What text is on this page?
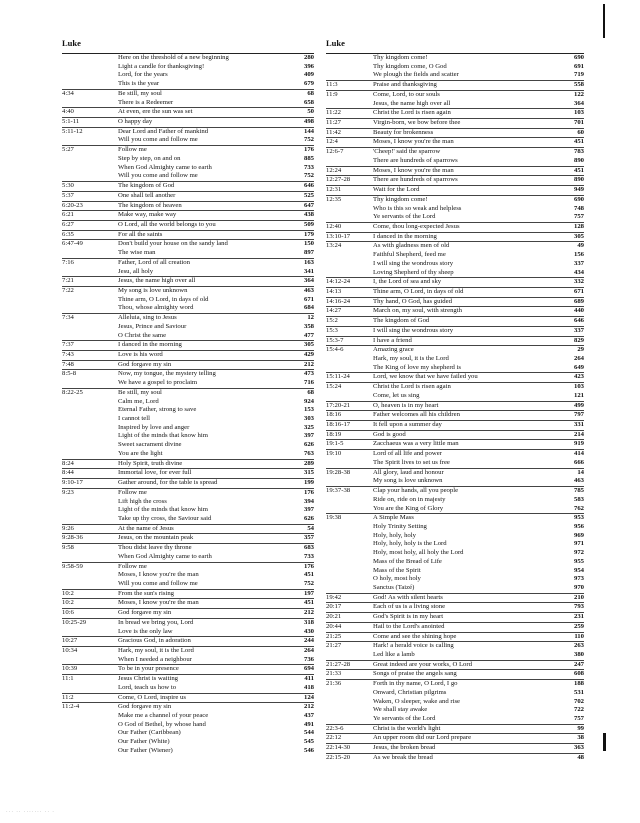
Luke
Here on the threshold of a new beginning	280
Light a candle for thanksgiving!	396
Lord, for the years	409
This is the year	679
4:34	Be still, my soul	68
There is a Redeemer	658
4:40	At even, ere the sun was set	50
5:1-11	O happy day	498
5:11-12	Dear Lord and Father of mankind	144
Will you come and follow me	752
5:27	Follow me	176
Step by step, on and on	885
When God Almighty came to earth	733
Will you come and follow me	752
5:30	The kingdom of God	646
5:37	One shall tell another	525
6:20-23	The kingdom of heaven	647
6:21	Make way, make way	438
6:27	O Lord, all the world belongs to you	509
6:35	For all the saints	179
6:47-49	Don't build your house on the sandy land	150
The wise man	897
7:16	Father, Lord of all creation	163
Jesu, all holy	341
7:21	Jesus, the name high over all	364
7:22	My song is love unknown	463
Thine arm, O Lord, in days of old	671
Thou, whose almighty word	684
7:34	Alleluia, sing to Jesus	12
Jesus, Prince and Saviour	358
O Christ the same	477
7:37	I danced in the morning	305
7:43	Love is his word	429
7:48	God forgave my sin	212
8:5-8	Now, my tongue, the mystery telling	473
We have a gospel to proclaim	716
8:22-25	Be still, my soul	68
Calm me, Lord	924
Eternal Father, strong to save	153
I cannot tell	303
Inspired by love and anger	325
Light of the minds that know him	397
Sweet sacrament divine	626
You are the light	763
8:24	Holy Spirit, truth divine	289
8:44	Immortal love, for ever full	315
9:10-17	Gather around, for the table is spread	199
9:23	Follow me	176
Lift high the cross	394
Light of the minds that know him	397
Take up thy cross, the Saviour said	626
9:26	At the name of Jesus	54
9:28-36	Jesus, on the mountain peak	357
9:58	Thou didst leave thy throne	683
When God Almighty came to earth	733
9:58-59	Follow me	176
Moses, I know you're the man	451
Will you come and follow me	752
10:2	From the sun's rising	197
10:2	Moses, I know you're the man	451
10:6	God forgave my sin	212
10:25-29	In bread we bring you, Lord	318
Love is the only law	430
10:27	Gracious God, in adoration	244
10:34	Hark, my soul, it is the Lord	264
When I needed a neighbour	736
10:39	To be in your presence	694
11:1	Jesus Christ is waiting	411
Lord, teach us how to	418
11:2	Come, O Lord, inspire us	124
11:2-4	God forgave my sin	212
Make me a channel of your peace	437
O God of Bethel, by whose hand	491
Our Father (Caribbean)	544
Our Father (White)	545
Our Father (Wiener)	546
Luke
Thy kingdom come!	690
Thy kingdom come, O God	691
We plough the fields and scatter	719
11:3	Praise and thanksgiving	558
11:9	Come, Lord, to our souls	122
Jesus, the name high over all	364
11:22	Christ the Lord is risen again	103
11:27	Virgin-born, we bow before thee	701
11:42	Beauty for brokenness	60
12:4	Moses, I know you're the man	451
12:6-7	'Cheep!' said the sparrow	783
There are hundreds of sparrows	890
12:24	Moses, I know you're the man	451
12:27-28	There are hundreds of sparrows	890
12:31	Wait for the Lord	949
12:35	Thy kingdom come!	690
Who is this so weak and helpless	748
Ye servants of the Lord	757
12:40	Come, thou long-expected Jesus	128
13:10-17	I danced in the morning	305
13:24	As with gladness men of old	49
Faithful Shepherd, feed me	156
I will sing the wondrous story	337
Loving Shepherd of thy sheep	434
14:12-24	I, the Lord of sea and sky	332
14:13	Thine arm, O Lord, in days of old	671
14:16-24	Thy hand, O God, has guided	689
14:27	March on, my soul, with strength	440
15:2	The kingdom of God	646
15:3	I will sing the wondrous story	337
15:3-7	I have a friend	829
15:4-6	Amazing grace	29
Hark, my soul, it is the Lord	264
The King of love my shepherd is	649
15:11-24	Lord, we know that we have failed you	423
15:24	Christ the Lord is risen again	103
Come, let us sing	121
17:20-21	O, heaven is in my heart	499
18:16	Father welcomes all his children	797
18:16-17	It fell upon a summer day	331
18:19	God is good	214
19:1-5	Zacchaeus was a very little man	919
19:10	Lord of all life and power	414
The Spirit lives to set us free	666
19:28-38	All glory, laud and honour	14
My song is love unknown	463
19:37-38	Clap your hands, all you people	785
Ride on, ride on in majesty	583
You are the King of Glory	762
19:38	A Simple Mass	953
Holy Trinity Setting	956
Holy, holy, holy	969
Holy, holy, holy is the Lord	971
Holy, most holy, all holy the Lord	972
Mass of the Bread of Life	955
Mass of the Spirit	954
O holy, most holy	973
Sanctus (Taizé)	970
19:42	God! As with silent hearts	210
20:17	Each of us is a living stone	793
20:21	God's Spirit is in my heart	231
20:44	Hail to the Lord's anointed	259
21:25	Come and see the shining hope	110
21:27	Hark! a herald voice is calling	263
Led like a lamb	380
21:27-28	Great indeed are your works, O Lord	247
21:33	Songs of praise the angels sang	608
21:36	Forth in thy name, O Lord, I go	188
Onward, Christian pilgrims	531
Waken, O sleeper, wake and rise	702
We shall stay awake	722
Ye servants of the Lord	757
22:3-6	Christ is the world's light	99
22:12	An upper room did our Lord prepare	38
22:14-30	Jesus, the broken bread	363
22:15-20	As we break the bread	48
··· ·· ······· ·· ·
